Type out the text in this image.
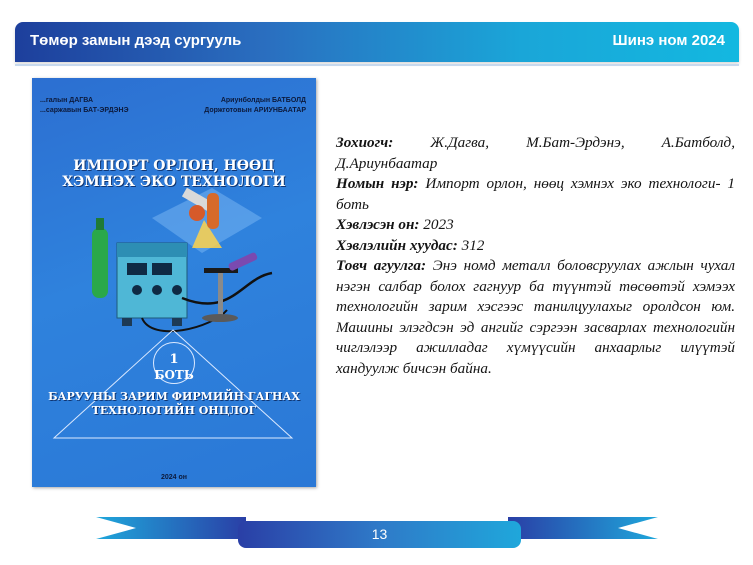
Төмөр замын дээд сургууль	Шинэ ном 2024
...галын ДАГВА
...саржавын БАТ-ЭРДЭНЭ
Ариунболдын БАТБОЛД
Доржготовын АРИУНБААТАР
ИМПОРТ ОРЛОН, НӨӨЦ
ХЭМНЭХ ЭКО ТЕХНОЛОГИ
1
БОТЬ
БАРУУНЫ ЗАРИМ ФИРМИЙН ГАГНАХ
ТЕХНОЛОГИЙН ОНЦЛОГ
2024 он

Зохиогч: Ж.Дагва, М.Бат-Эрдэнэ, А.Батболд, Д.Ариунбаатар

Номын нэр: Импорт орлон, нөөц хэмнэх эко технологи- 1 боть

Хэвлэсэн он: 2023

Хэвлэлийн хуудас: 312

Товч агуулга: Энэ номд металл боловсруулах ажлын чухал нэгэн салбар болох гагнуур ба түүнтэй төсөөтэй хэмээх технологийн зарим хэсгээс танилцуулахыг оролдсон юм. Машины элэгдсэн эд ангийг сэргээн засварлах технологийн чиглэлээр ажилладаг хүмүүсийн анхаарлыг илүүтэй хандуулж бичсэн байна.

13
